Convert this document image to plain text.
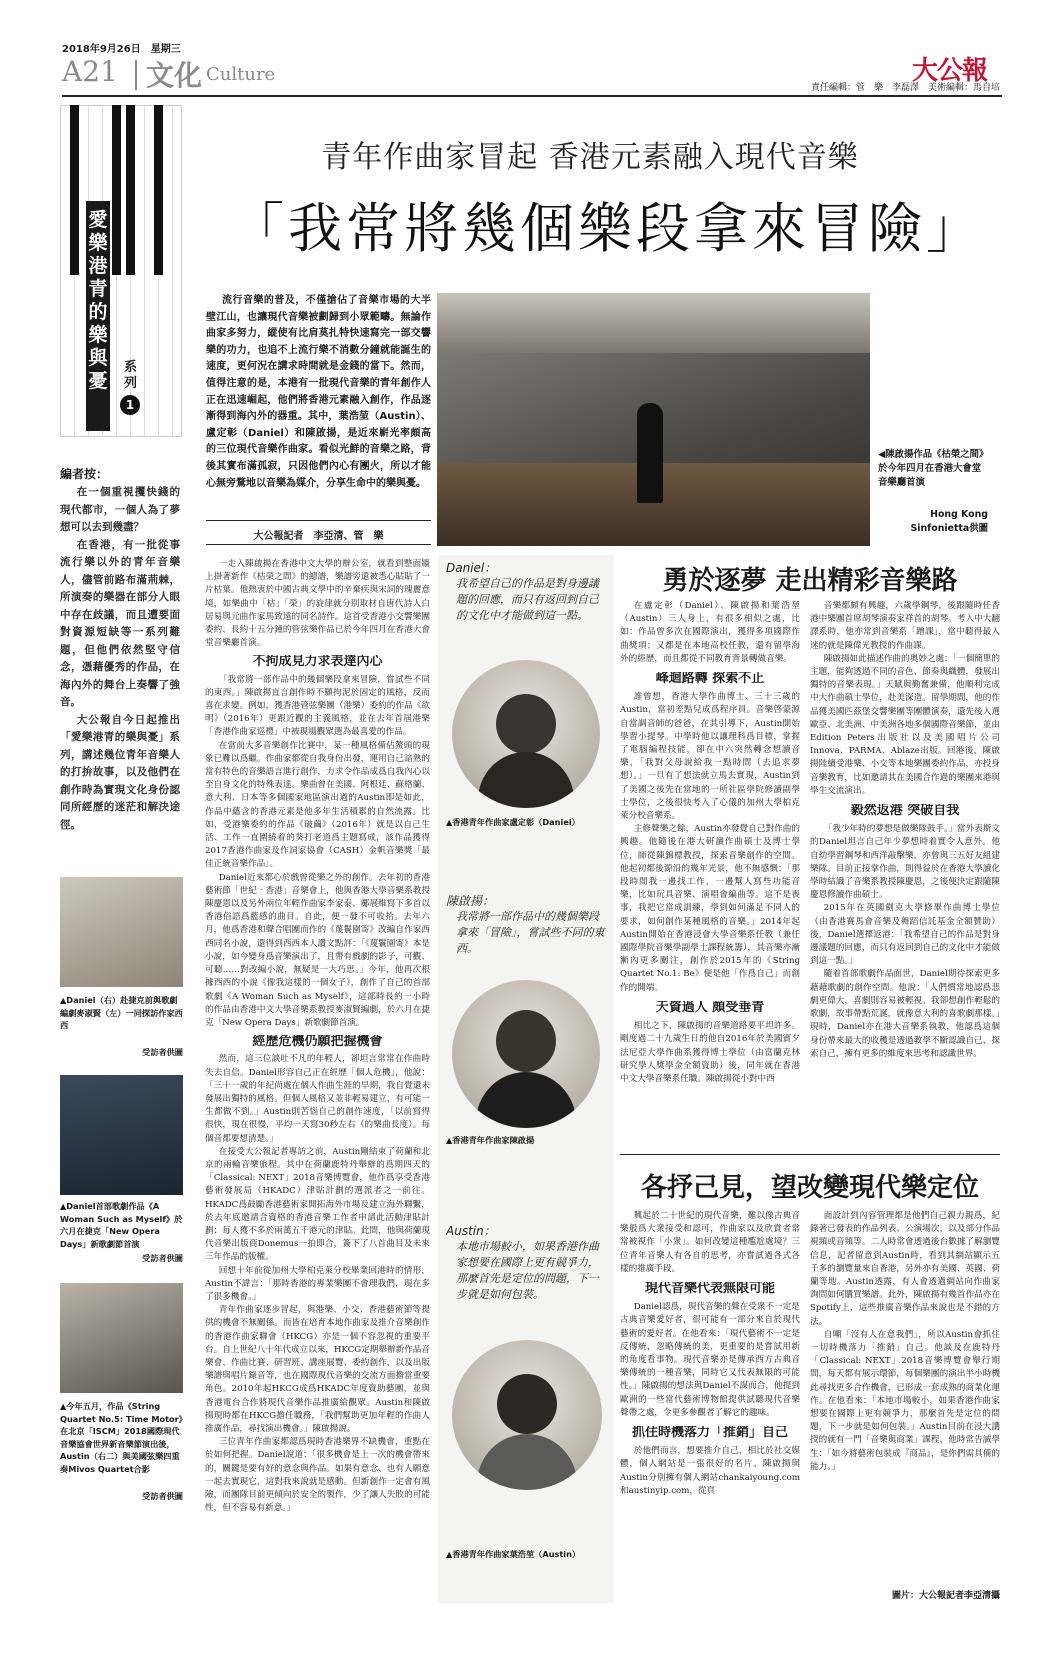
2018年9月26日　星期三
A21 文化 Culture	大公報
責任編輯：管　樂　李磊澤　美術編輯：馬自培
愛樂港青的樂與憂
系列
1
編者按：

在一個重視攫快錢的現代都市，一個人為了夢想可以去到幾盡？

在香港，有一批從事流行樂以外的青年音樂人，儘管前路布滿荊棘，所演奏的樂器在部分人眼中存在歧議，而且遭要面對資源短缺等一系列難題，但他們依然堅守信念，憑藉優秀的作品，在海內外的舞台上奏響了強音。

大公報自今日起推出「愛樂港青的樂與憂」系列，講述幾位青年音樂人的打拚故事，以及他們在創作時為實現文化身份認同所經歷的迷茫和解決途徑。

青年作曲家冒起 香港元素融入現代音樂
「我常將幾個樂段拿來冒險」

流行音樂的普及，不僅搶佔了音樂市場的大半壁江山，也讓現代音樂被劃歸到小眾範疇。無論作曲家多努力，縱使有比肩莫扎特快速寫完一部交響樂的功力，也追不上流行樂不消數分鐘就能誕生的速度，更何況在講求時間就是金錢的當下。然而，值得注意的是，本港有一批現代音樂的青年創作人正在迅速崛起，他們將香港元素融入創作，作品逐漸得到海內外的器重。其中，葉浩堃（Austin）、盧定彰（Daniel）和陳啟揚，是近來嶄光率頗高的三位現代音樂作曲家。看似光鮮的音樂之路，背後其實布滿孤寂，只因他們內心有團火，所以才能心無旁騖地以音樂為媒介，分享生命中的樂與憂。

大公報記者　李亞清、管　樂
◀陳啟揚作品《枯榮之間》於今年四月在香港大會堂音樂廳首演
Hong Kong Sinfonietta供圖
▲Daniel（右）赴捷克前與歌劇編劇麥淑賢（左）一同探訪作家西西
受訪者供圖
▲Daniel首部歌劇作品《A Woman Such as Myself》於六月在捷克「New Opera Days」新歌劇節首演
受訪者供圖
▲今年五月，作品《String Quartet No.5: Time Motor》在北京「ISCM」2018國際現代音樂協會世界新音樂節演出後，Austin（右二）與美國弦樂四重奏Mivos Quartet合影
受訪者供圖

一走入陳啟揚在香港中文大學的辦公室，就看到整面牆上掛著新作《枯榮之間》的總譜，樂譜旁還被悉心貼貼了一片枯葉。他熱衷於中國古典文學中的辛棄疾與宋詞的瑰麗意境，如樂曲中「枯」「榮」的旋律就分別取材自唐代詩人白居易與元曲作家馬致遠的同名詩作。這首受香港小交響樂團委約、長約十五分鐘的管弦樂作品已於今年四月在香港大會堂音樂廳首演。

不拘成見力求表達內心

「我常將一部作品中的幾個樂段拿來冒險，嘗試些不同的東西。」陳啟揚直言創作時不願拘泥於固定的風格，反而喜在求變。例如，獲香港管弦樂團（港樂）委約的作品《欲明》（2016年）更跟近觀的主義風格，並在去年首屆港樂「香港作曲家巡禮」中被現場觀眾選為最喜愛的作品。

在當前大多音樂創作比賽中，某一種風格備佔鰲頭的現象已難以爲繼。作曲家都從自我身份出發，運用自己諳熟的當有特色的音樂語言進行創作，力求令作品成爲自我內心以至自身文化的特殊表達。樂曲曾在美國、阿根廷、蘇格蘭、意大利、日本等多個國家地區演出過的Austin即是如此，作品中蘊含的香港元素是他多年生活積累的自然流露。比如，受港樂委約的作品《破繭》（2016年）就是以自己生活、工作一直圍繞着的葵打老道爲主題寫成，該作品獲得2017香港作曲家及作詞家協會（CASH）金帆音樂獎「最佳正統音樂作品」。

Daniel近來都心於戲曾從樂之外的創作。去年初的香港藝術節「世紀‧香港」音樂會上，他與香港大學音樂系教授陳慶恩以及另外兩位年輕作曲家李家泰、鄺展維寫下多首以香港俗語爲藍感的曲目。自此，便一發不可收拾。去年六月，他爲香港和聲合唱團而作的《蔑鬟園寄》改編自作家西西同名小說，還得到西西本人讚文點評：「《蔑鬟園寄》本是小說，如今變身爲音樂演出了，且帶有戲劇的影子，可觀、可聽……對改編小說，無疑是一大巧思。」今年，他再次根據西西的小說《像我這樣的一個女子》，創作了自己的首部歌劇《A Woman Such as Myself》，這部時長約一小時的作品由香港中文大學音樂系教授麥淑賢編劇，於六月在捷克「New Opera Days」新歌劇節首演。

經歷危機仍願把握機會

然而，這三位談吐不凡的年輕人，卻坦言常常在作曲時失去自信。Daniel形容自己正在經歷「個人危機」，他說：「三十一歲的年紀尚處在個人作曲生涯的早期，我自覺還未發展出獨特的風格。但個人風格又並非輕易建立，有可能一生都做不到。」Austin則苦惱自己的創作速度，「以前寫得很快，現在很慢，平均一天寫30秒左右（的樂曲長度）。每個音都要想清楚。」

在接受大公報記者專訪之前，Austin剛結束了荷蘭和北京的兩輪音樂旅程。其中在荷蘭鹿特丹舉辦的爲期四天的「Classical: NEXT」2018音樂博覽會，他作爲享受香港藝術發展局（HKADC）津貼計劃的選派者之一前往。HKADC爲鼓勵香港藝術家開拓海外市場及建立海外聯繫，於去年底邀請合資格的香港音樂工作者申請此活動津貼計劃；每人獲不多於兩萬五千港元的津貼。此間，他與荷蘭現代音樂出版商Donemus一拍即合，簽下了八首曲目及未來三年作品的版權。

回想十年前從加州大學柏克萊分校畢業回港時的情形，Austin不諱言：「那時香港的專業樂團不會理我們，現在多了很多機會。」

青年作曲家逐步冒起，與港樂、小交、香港藝術節等提供的機會不無關係。而皆在培育本地作曲家及推介音樂創作的香港作曲家聯會（HKCG）亦是一個不容忽視的重要平台。自上世紀八十年代成立以來，HKCG定期舉辦新作品音樂會、作曲比賽、研習班、講座展覽、委約創作，以及出版樂譜與唱片錄音等，也在國際現代音樂的交流方面擔當重要角色。2010年起HKCG成爲HKADC年度資助藝團，並與香港電台合作將現代音樂作品推廣給觀眾。Austin和陳啟揚現時都在HKCG擔任職務，「我們幫助更加年輕的作曲人推廣作品，尋找演出機會。」陳啟揚說。

三位青年作曲家都認爲現時香港樂界不缺機會，重點在於如何把握。Daniel說道：「很多機會是上一次的機會帶來的，關鍵是要有好的意念與作品。如果有意念、也有人願意一起去實現它，這對我來說就是感動。但新創作一定會有風險，而團隊目前更傾向於安全的製作，少了讓人失敗的可能性，但不容易有新意。」

Daniel：
我希望自己的作品是對身邊議題的回應，而只有返回到自己的文化中才能做到這一點。
▲香港青年作曲家盧定彰（Daniel）
陳啟揚：
我常將一部作品中的幾個樂段拿來「冒險」，嘗試些不同的東西。
▲香港青年作曲家陳啟揚
Austin：
本地市場較小，如果香港作曲家想要在國際上更有競爭力，那麼首先是定位的問題，下一步就是如何包裝。
▲香港青年作曲家葉浩堃（Austin）
勇於逐夢 走出精彩音樂路

在盧定彰（Daniel）、陳啟揚和葉浩堃（Austin）三人身上，有很多相似之處，比如：作品曾多次在國際演出，獲得多項國際作曲獎項；又都是在本地高校任教，還有留學海外的經歷，而且都從不同教育背景轉做音樂。

峰迴路轉 探索不止

誰曾想，香港大學作曲博士、三十三歲的Austin，當初差點兒成爲程序員。音樂啓蒙源自當調音師的爸爸，在其引導下，Austin開始學習小提琴。中學時他以讓理科爲目標，掌握了電腦編程技能，卻在中六突然轉念想讀音樂，「我對父母說給我一點時間（去追求夢想）。」一旦有了想法就立馬去實現，Austin到了美國之後先在當地的一所社區學院修讀副學士學位，之後很快考入了心儀的加州大學柏克萊分校音樂系。

主修聲樂之餘，Austin亦發覺自己對作曲的興趣。他隨後在港大研讀作曲碩士及博士學位，師從陳錦標教授，探索音樂創作的空間。他起初都後源沿的幾年光景，他不無感慨：「那段時間我一邊找工作，一邊幫人寫些功能音樂，比如玩具音樂、演唱會編曲等。這不是喪事，我把它當成訓練，學到如何滿足不同人的要求，如何創作某種風格的音樂。」2014年起Austin開始在香港浸會大學音樂系任教（兼任國際學院音樂學副學士課程統籌），其音樂亦漸漸內更多關注，創作於2015年的《String Quartet No.1: Be》便是他「作爲自己」而創作的開端。

天資過人 頗受垂青

相比之下，陳啟揚的音樂道路要平坦許多。剛度過二十九歲生日的他自2016年於美國賓夕法尼亞大學作曲系獲得博士學位（由富蘭克林研究學人獎學金全額資助）後，同年就在香港中文大學音樂系任職。陳啟揚從小對中西

音樂都頗有興趣，六歲學鋼琴，後跟隨時任香港中樂團首席胡琴演奏家祥首的胡琴。考入中大翻譯系時，他亦常到音樂系「蹭課」，當中聽得最入迷的就是陳偉光教授的作曲課。

陳啟揚如此描述作曲的奧妙之處：「一個簡單的主題，能夠透過不同的音色、節奏與織體，發展出獨特的音樂表現。」天賦與勤奮兼備，他順利完成中大作曲碩士學位，赴美深造。留學期間，他的作品獲美國匹茲堡交響樂團等團體演奏，還先後入選歐亞、北美洲、中美洲各地多個國際音樂節，並由Edition Peters出版社以及美國唱片公司Innova、PARMA、Ablaze出版。回港後，陳啟揚陸續受港樂、小交等本地樂團委約作品，亦投身音樂教育，比如邀請其在美國合作過的樂團來港與學生交流演出。

毅然返港 突破自我

「我少年時的夢想是做樂隊鼓手。」當外表斯文的Daniel坦言自己年少夢想時着實令人意外。他自幼學習鋼琴和西洋敲擊樂，亦曾與三五好友組建樂隊。目前正接掌作曲，則得益於在香港大學讀化學時結識了音樂系教授陳慶恩，之後便決定跟隨陳慶恩修讀作曲碩士。

2015年在英國劍克大學修畢作曲博士學位（由香港賽馬會音樂及舞蹈信託基金全額贊助）後，Daniel選擇返港：「我希望自己的作品是對身邊議題的回應，而只有返回到自己的文化中才能做到這一點。」

隨着首部歌劇作品面世，Daniel期待探索更多藉藉歌劇的創作空間。他說：「人們慣常地認爲悲劇更偉大，喜劇則容易被輕視。我卻想創作輕鬆的歌劇，故事帶點荒誕，就像意大利的喜歌劇那樣。」現時，Daniel亦在港大音樂系執教，他認爲這個身份帶來最大的收穫是透過教學不斷認識自己、探索自己，擁有更多的維度來思考和認識世界。

各抒己見，望改變現代樂定位

興起於二十世紀的現代音樂，難以像古典音樂般爲大衆接受和認可，作曲家以及欣賞者常常被視作「小衆」。如何改變這種尷尬處境？三位青年音樂人有各自的思考，亦嘗試過各式各樣的推廣手段。

現代音樂代表無限可能

Daniel認爲，現代音樂的聲在受衆不一定是古典音樂愛好者，很可能有一部分來自於現代藝術的愛好者。在他看來：「現代藝術不一定是反傳統，忽略傳統的美，更重要的是嘗試用新的角度看事物。現代音樂亦是傳承西方古典音樂傳統的一種音樂，同時它又代表無限的可能性。」陳啟揚的想法與Daniel不謀而合，他提到歐洲的一些當代藝術博物館提供試聽現代音樂聲帶之處，令更多參觀者了解它的趣味。

抓住時機落力「推銷」自己

於他們而言，想要推介自己，相比於社交媒體，個人網站是一張很好的名片。陳啟揚與Austin分別擁有個人網站chankaiyoung.com和austinyip.com，從頁

面設計到內容管理都是他們自己親力親爲，紀錄著已發表的作品列表、公演場次，以及部分作品視頻或音頻等。二人時常會透過後台數據了解瀏覽信息，記者留意到Austin時，看到其網站顯示五千多的瀏覽量來自香港，另外亦有美國、英國、荷蘭等地。Austin透露，有人會透過網站向作曲家詢問如何購買樂譜。此外，陳啟揚有幾首作品亦在Spotify上，這些推廣音樂作品來說也是不錯的方法。

自嘲「沒有人在意我們」，所以Austin會抓住一切時機落力「推銷」自己。他談及在鹿特丹「Classical: NEXT」2018音樂博覽會舉行期間，每天都有展示環節，每個樂團的演出半小時機此尋找更多合作機會，已形成一套成熟的商業化運作。在他看來：「本地市場較小，如果香港作曲家想要在國際上更有競爭力，那麼首先是定位的問題，下一步就是如何包裝。」Austin目前在浸大講授的就有一門「音樂與商業」課程，他時常告誡學生：「如今將藝術包裝成『商品』，是你們需具備的能力。」

圖片：大公報記者李亞清攝
